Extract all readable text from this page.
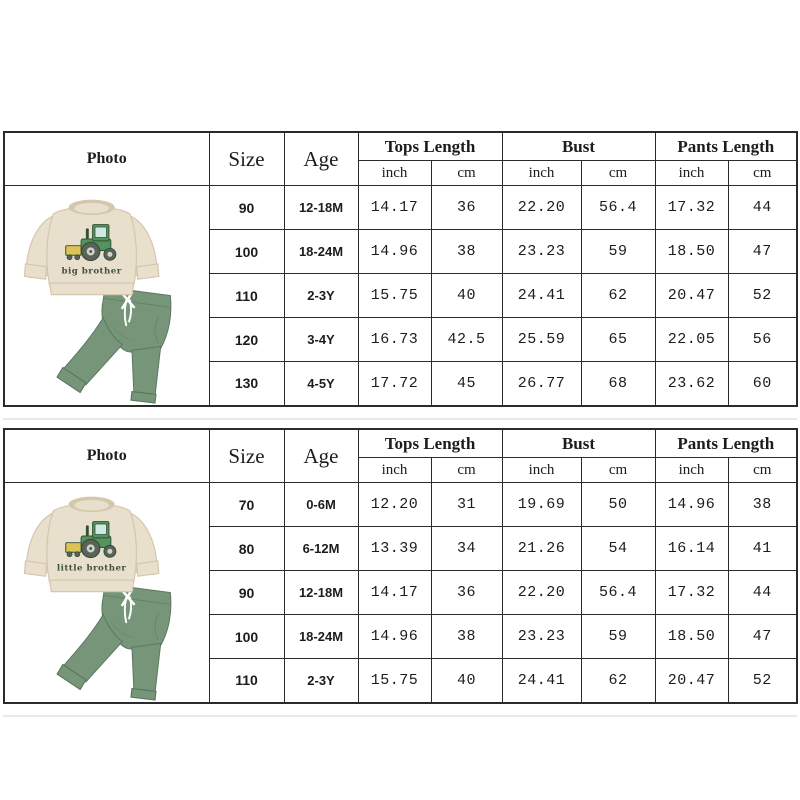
Photo	Size	Age	Tops Length		Bust		Pants Length	
			inch	cm	inch	cm	inch	cm

big brother	90	12-18M	14.17	36	22.20	56.4	17.32	44
	100	18-24M	14.96	38	23.23	59	18.50	47
	110	2-3Y	15.75	40	24.41	62	20.47	52
	120	3-4Y	16.73	42.5	25.59	65	22.05	56
	130	4-5Y	17.72	45	26.77	68	23.62	60
Photo	Size	Age	Tops Length		Bust		Pants Length	
			inch	cm	inch	cm	inch	cm

little brother	70	0-6M	12.20	31	19.69	50	14.96	38
	80	6-12M	13.39	34	21.26	54	16.14	41
	90	12-18M	14.17	36	22.20	56.4	17.32	44
	100	18-24M	14.96	38	23.23	59	18.50	47
	110	2-3Y	15.75	40	24.41	62	20.47	52
